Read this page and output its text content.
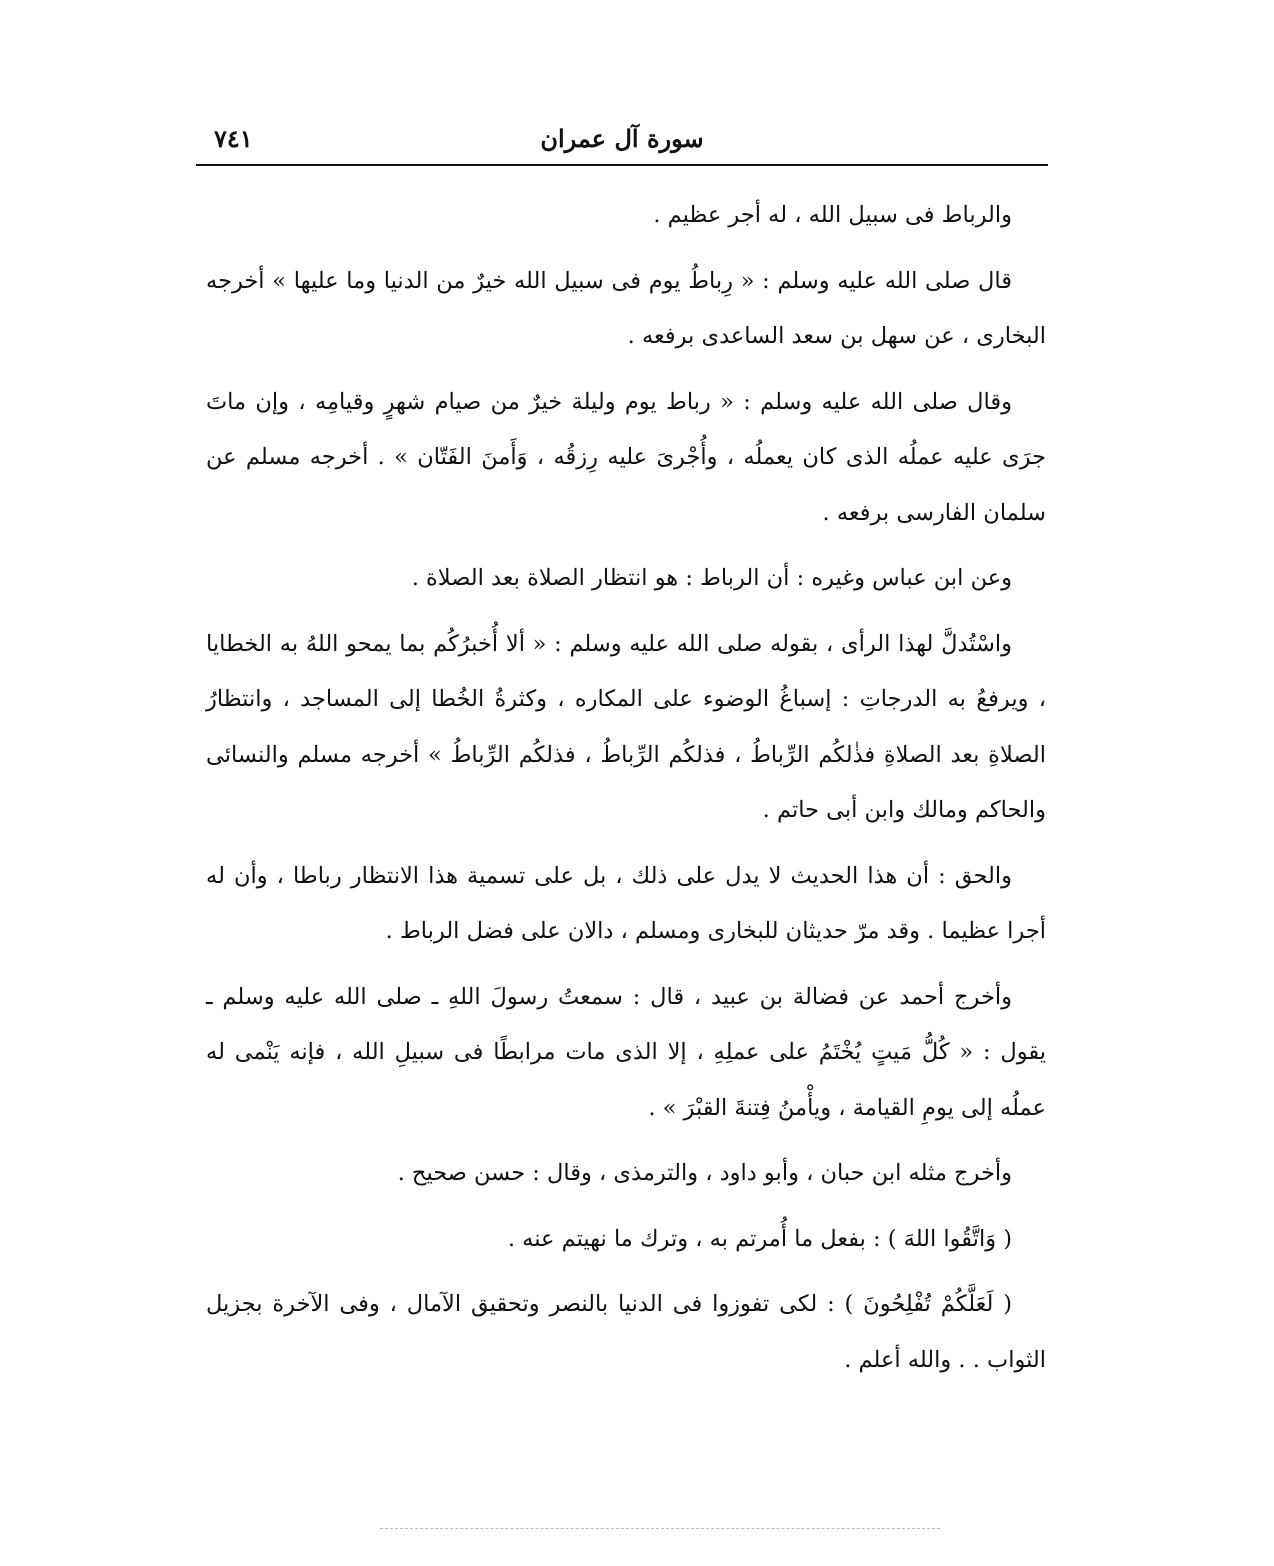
سورة آل عمران
٧٤١

والرباط فى سبيل الله ، له أجر عظيم .

قال صلى الله عليه وسلم : « رِباطُ يوم فى سبيل الله خيرٌ من الدنيا وما عليها » أخرجه البخارى ، عن سهل بن سعد الساعدى برفعه .

وقال صلى الله عليه وسلم : « رباط يوم وليلة خيرٌ من صيام شهرٍ وقيامِه ، وإن ماتَ جرَى عليه عملُه الذى كان يعملُه ، وأُجْرىَ عليه رِزقُه ، وَأَمنَ الفَتّان » . أخرجه مسلم عن سلمان الفارسى برفعه .

وعن ابن عباس وغيره : أن الرباط : هو انتظار الصلاة بعد الصلاة .

واسْتُدلَّ لهذا الرأى ، بقوله صلى الله عليه وسلم : « ألا أُخبرُكُم بما يمحو اللهُ به الخطايا ، ويرفعُ به الدرجاتِ : إسباغُ الوضوء على المكاره ، وكثرةُ الخُطا إلى المساجد ، وانتظارُ الصلاةِ بعد الصلاةِ فذٰلكُم الرِّباطُ ، فذلكُم الرِّباطُ ، فذلكُم الرِّباطُ » أخرجه مسلم والنسائى والحاكم ومالك وابن أبى حاتم .

والحق : أن هذا الحديث لا يدل على ذلك ، بل على تسمية هذا الانتظار رباطا ، وأن له أجرا عظيما . وقد مرّ حديثان للبخارى ومسلم ، دالان على فضل الرباط .

وأخرج أحمد عن فضالة بن عبيد ، قال : سمعتُ رسولَ اللهِ ـ صلى الله عليه وسلم ـ يقول : « كُلُّ مَيتٍ يُخْتَمُ على عملِهِ ، إلا الذى مات مرابطًا فى سبيلِ الله ، فإنه يَنْمى له عملُه إلى يومِ القيامة ، ويأْمنُ فِتنةَ القبْرَ » .

وأخرج مثله ابن حبان ، وأبو داود ، والترمذى ، وقال : حسن صحيح .

( وَاتَّقُوا اللهَ ) : بفعل ما أُمرتم به ، وترك ما نهيتم عنه .

( لَعَلَّكُمْ تُفْلِحُونَ ) : لكى تفوزوا فى الدنيا بالنصر وتحقيق الآمال ، وفى الآخرة بجزيل الثواب . . والله أعلم .
